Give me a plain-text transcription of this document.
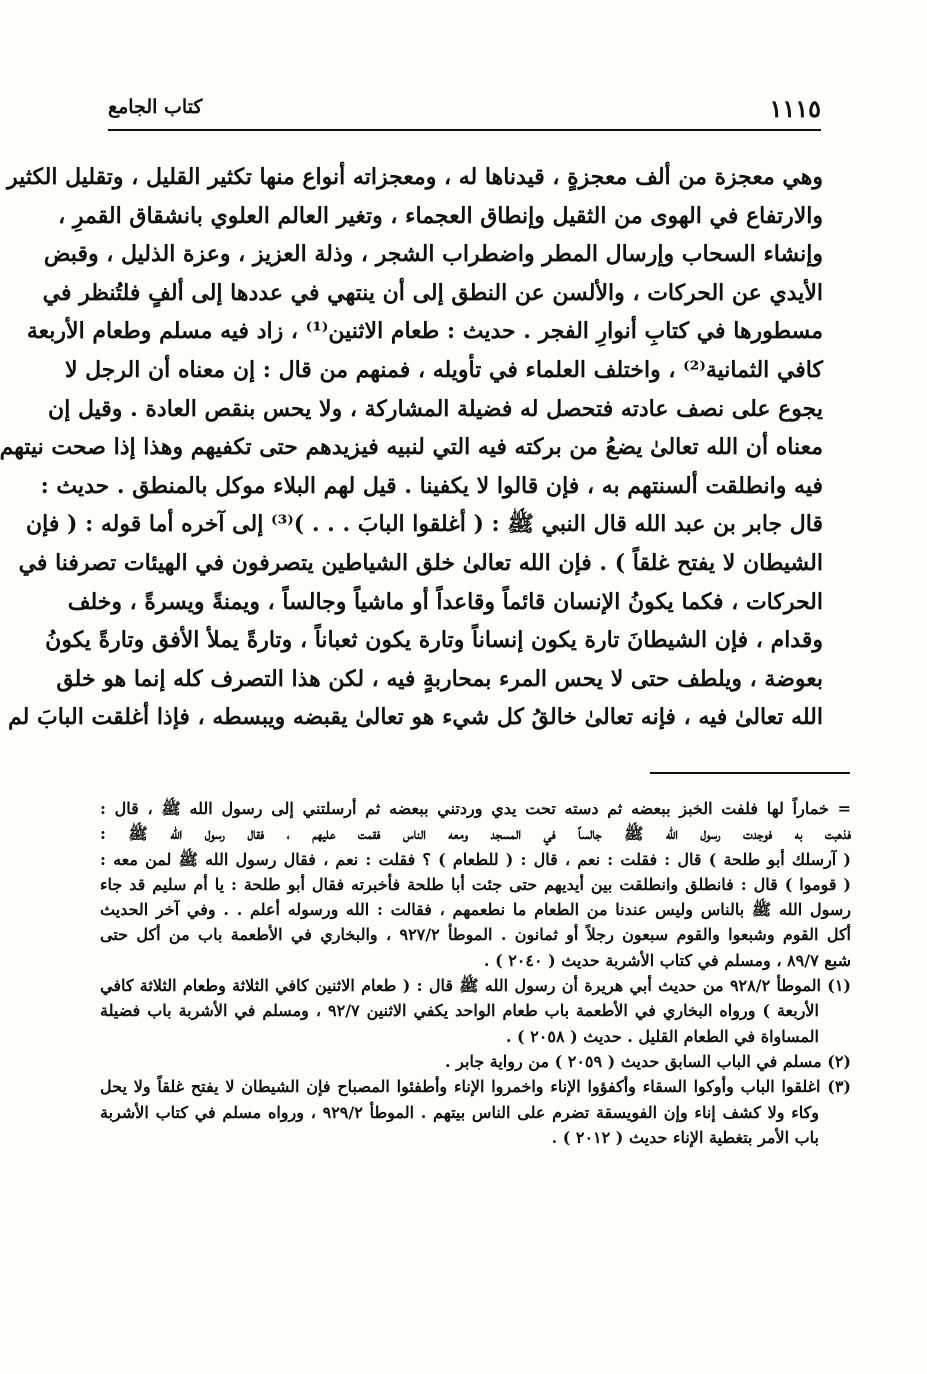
١١١٥
كتاب الجامع
وهي معجزة من ألف معجزةٍ ، قيدناها له ، ومعجزاته أنواع منها تكثير القليل ، وتقليل الكثير
والارتفاع في الهوى من الثقيل وإنطاق العجماء ، وتغير العالم العلوي بانشقاق القمرِ ،
وإنشاء السحاب وإرسال المطر واضطراب الشجر ، وذلة العزيز ، وعزة الذليل ، وقبض
الأيدي عن الحركات ، والألسن عن النطق إلى أن ينتهي في عددها إلى ألفٍ فلتُنظر في
مسطورها في كتابِ أنوارِ الفجر . حديث : طعام الاثنين⁽¹⁾ ، زاد فيه مسلم وطعام الأربعة
كافي الثمانية⁽²⁾ ، واختلف العلماء في تأويله ، فمنهم من قال : إن معناه أن الرجل لا
يجوع على نصف عادته فتحصل له فضيلة المشاركة ، ولا يحس بنقص العادة . وقيل إن
معناه أن الله تعالىٰ يضعُ من بركته فيه التي لنبيه فيزيدهم حتى تكفيهم وهذا إذا صحت نيتهم
فيه وانطلقت ألسنتهم به ، فإن قالوا لا يكفينا . قيل لهم البلاء موكل بالمنطق . حديث :
قال جابر بن عبد الله قال النبي ﷺ : ( أغلقوا البابَ . . . )⁽³⁾ إلى آخره أما قوله : ( فإن
الشيطان لا يفتح غلقاً ) . فإن الله تعالىٰ خلق الشياطين يتصرفون في الهيئات تصرفنا في
الحركات ، فكما يكونُ الإنسان قائماً وقاعداً أو ماشياً وجالساً ، ويمنةً ويسرةً ، وخلف
وقدام ، فإن الشيطانَ تارة يكون إنساناً وتارة يكون ثعباناً ، وتارةً يملأ الأفق وتارةً يكونُ
بعوضة ، ويلطف حتى لا يحس المرء بمحاربةٍ فيه ، لكن هذا التصرف كله إنما هو خلق
الله تعالىٰ فيه ، فإنه تعالىٰ خالقُ كل شيء هو تعالىٰ يقبضه ويبسطه ، فإذا أغلقت البابَ لم
= خماراً لها فلفت الخبز ببعضه ثم دسته تحت يدي وردتني ببعضه ثم أرسلتني إلى رسول الله ﷺ ، قال :
فذهبت به فوجدت رسول الله ﷺ جالساً في المسجد ومعه الناس فقمت عليهم ، فقال رسول الله ﷺ :
( آرسلك أبو طلحة ) قال : فقلت : نعم ، قال : ( للطعام ) ؟ فقلت : نعم ، فقال رسول الله ﷺ لمن معه :
( قوموا ) قال : فانطلق وانطلقت بين أيديهم حتى جئت أبا طلحة فأخبرته فقال أبو طلحة : يا أم سليم قد جاء
رسول الله ﷺ بالناس وليس عندنا من الطعام ما نطعمهم ، فقالت : الله ورسوله أعلم . . وفي آخر الحديث
أكل القوم وشبعوا والقوم سبعون رجلاً أو ثمانون . الموطأ ٩٢٧/٢ ، والبخاري في الأطعمة باب من أكل حتى
شبع ٨٩/٧ ، ومسلم في كتاب الأشربة حديث ( ٢٠٤٠ ) .
(١) الموطأ ٩٢٨/٢ من حديث أبي هريرة أن رسول الله ﷺ قال : ( طعام الاثنين كافي الثلاثة وطعام الثلاثة كافي
الأربعة ) ورواه البخاري في الأطعمة باب طعام الواحد يكفي الاثنين ٩٢/٧ ، ومسلم في الأشربة باب فضيلة
المساواة في الطعام القليل . حديث ( ٢٠٥٨ ) .
(٢) مسلم في الباب السابق حديث ( ٢٠٥٩ ) من رواية جابر .
(٣) اغلقوا الباب وأوكوا السقاء وأكفؤوا الإناء واخمروا الإناء وأطفئوا المصباح فإن الشيطان لا يفتح غلقاً ولا يحل
وكاء ولا كشف إناء وإن الفويسقة تضرم على الناس بيتهم . الموطأ ٩٢٩/٢ ، ورواه مسلم في كتاب الأشربة
باب الأمر بتغطية الإناء حديث ( ٢٠١٢ ) .
